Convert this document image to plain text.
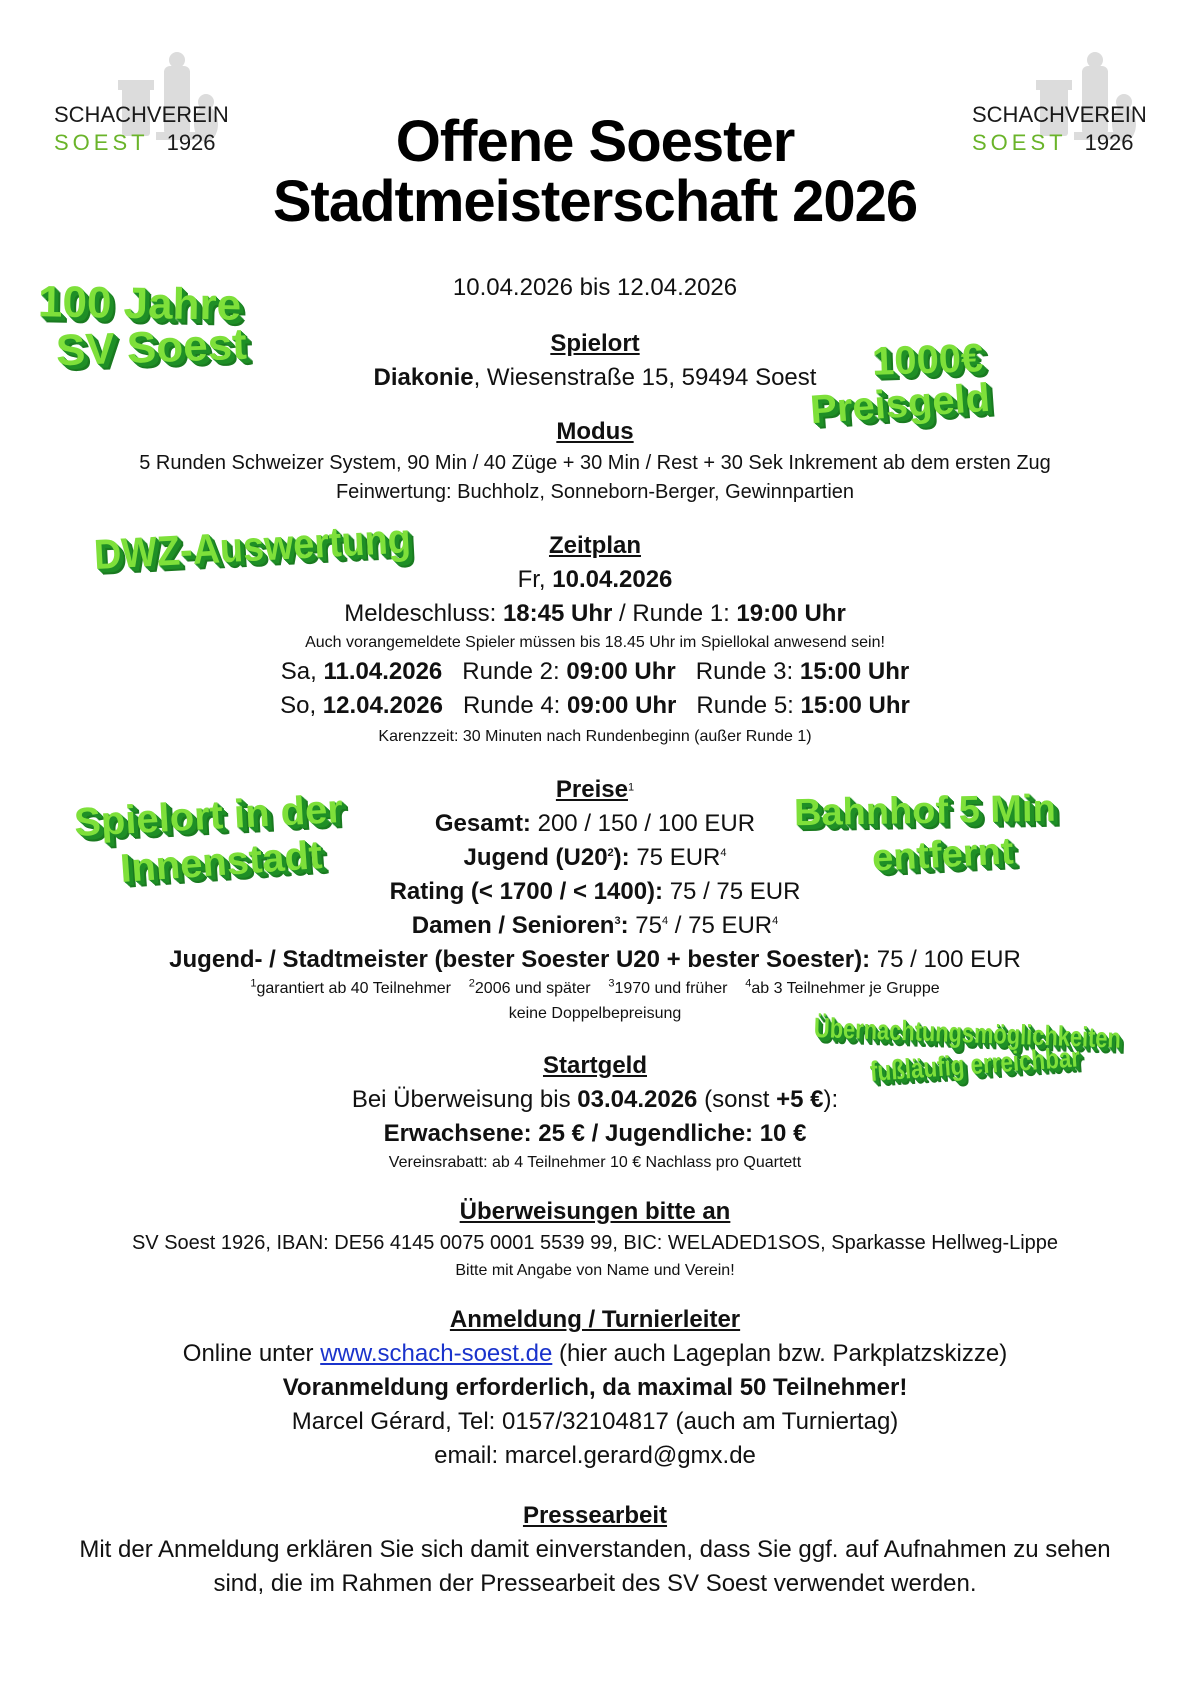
SCHACHVEREIN
SOEST 1926
SCHACHVEREIN
SOEST 1926
Offene Soester
Stadtmeisterschaft 2026
10.04.2026 bis 12.04.2026
Spielort
Diakonie, Wiesenstraße 15, 59494 Soest
Modus
5 Runden Schweizer System, 90 Min / 40 Züge + 30 Min / Rest + 30 Sek Inkrement ab dem ersten Zug
Feinwertung: Buchholz, Sonneborn-Berger, Gewinnpartien
Zeitplan
Fr, 10.04.2026
Meldeschluss: 18:45 Uhr / Runde 1: 19:00 Uhr
Auch vorangemeldete Spieler müssen bis 18.45 Uhr im Spiellokal anwesend sein!
Sa, 11.04.2026 Runde 2: 09:00 Uhr Runde 3: 15:00 Uhr
So, 12.04.2026 Runde 4: 09:00 Uhr Runde 5: 15:00 Uhr
Karenzzeit: 30 Minuten nach Rundenbeginn (außer Runde 1)
Preise$^1$
Gesamt: 200 / 150 / 100 EUR
Jugend $(U20^2)$: 75 EUR$^4$
Rating (< 1700 / < 1400): 75 / 75 EUR
Damen / Senioren$^3$: $75^4 / 75$ EUR$^4$
Jugend- / Stadtmeister (bester Soester U20 + bester Soester): 75 / 100 EUR
$^1$garantiert ab 40 Teilnehmer $^2$2006 und später $^3$1970 und früher $^4$ab 3 Teilnehmer je Gruppe
keine Doppelbepreisung
Startgeld
Bei Überweisung bis 03.04.2026 (sonst +5 €):
Erwachsene: 25 € / Jugendliche: 10 €
Vereinsrabatt: ab 4 Teilnehmer 10 € Nachlass pro Quartett
Überweisungen bitte an
SV Soest 1926, IBAN: DE56 4145 0075 0001 5539 99, BIC: WELADED1SOS, Sparkasse Hellweg-Lippe
Bitte mit Angabe von Name und Verein!
Anmeldung / Turnierleiter
Online unter www.schach-soest.de (hier auch Lageplan bzw. Parkplatzskizze)
Voranmeldung erforderlich, da maximal 50 Teilnehmer!
Marcel Gérard, Tel: 0157/32104817 (auch am Turniertag)
email: marcel.gerard@gmx.de
Pressearbeit
Mit der Anmeldung erklären Sie sich damit einverstanden, dass Sie ggf. auf Aufnahmen zu sehen
sind, die im Rahmen der Pressearbeit des SV Soest verwendet werden.
100 Jahre
SV Soest	1000€
Preisgeld
DWZ-Auswertung
Spielort in der
Innenstadt
Bahnhof 5 Min
entfernt
Übernachtungsmöglichkeiten
fußläufig erreichbar
